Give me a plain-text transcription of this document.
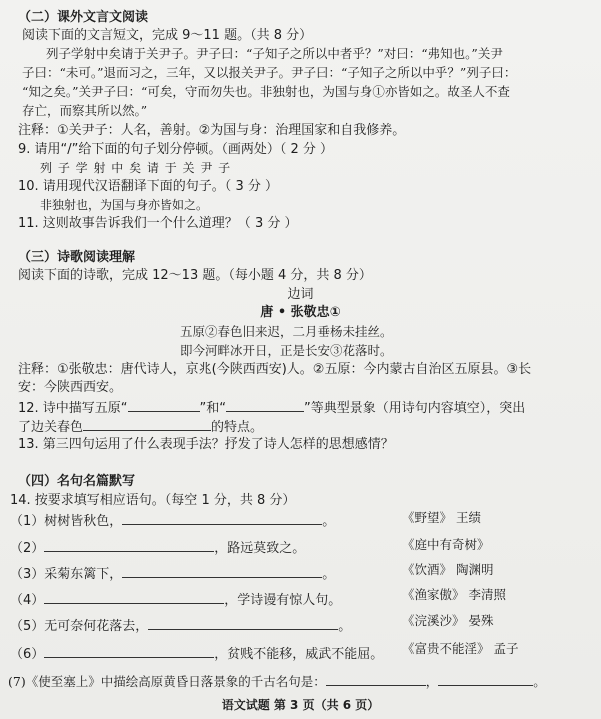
（二）课外文言文阅读
阅读下面的文言短文，完成 9～11 题。（共 8 分）
列子学射中矣请于关尹子。尹子曰：“子知子之所以中者乎？”对曰：“弗知也。”关尹
子曰：“未可。”退而习之，三年，又以报关尹子。尹子曰：“子知子之所以中乎？”列子曰：
“知之矣。”关尹子曰：“可矣，守而勿失也。非独射也，为国与身①亦皆如之。故圣人不查
存亡，而察其所以然。”
注释：①关尹子：人名，善射。②为国与身：治理国家和自我修养。
9. 请用“/”给下面的句子划分停顿。（画两处）（ 2 分 ）
列 子 学 射 中 矣 请 于 关 尹 子
10. 请用现代汉语翻译下面的句子。（ 3 分 ）
非独射也，为国与身亦皆如之。
11. 这则故事告诉我们一个什么道理？（ 3 分 ）
（三）诗歌阅读理解
阅读下面的诗歌，完成 12～13 题。（每小题 4 分，共 8 分）
边词
唐 • 张敬忠①
五原②春色旧来迟，二月垂杨未挂丝。
即今河畔冰开日，正是长安③花落时。
注释：①张敬忠：唐代诗人，京兆(今陕西西安)人。②五原：今内蒙古自治区五原县。③长
安：今陕西西安。
12. 诗中描写五原“	”和“	”等典型景象（用诗句内容填空），突出
了边关春色	的特点。
13. 第三四句运用了什么表现手法？抒发了诗人怎样的思想感情？
（四）名句名篇默写
14. 按要求填写相应语句。（每空 1 分，共 8 分）
（1）树树皆秋色，	。	《野望》 王绩
（2）	，路远莫致之。	《庭中有奇树》
（3）采菊东篱下，	。	《饮酒》 陶渊明
（4）	，学诗谩有惊人句。	《渔家傲》 李清照
（5）无可奈何花落去，	。	《浣溪沙》 晏殊
（6）	，贫贱不能移，威武不能屈。 《富贵不能淫》 孟子
(7)《使至塞上》中描绘高原黄昏日落景象的千古名句是：	，	。
语文试题 第 3 页（共 6 页）
